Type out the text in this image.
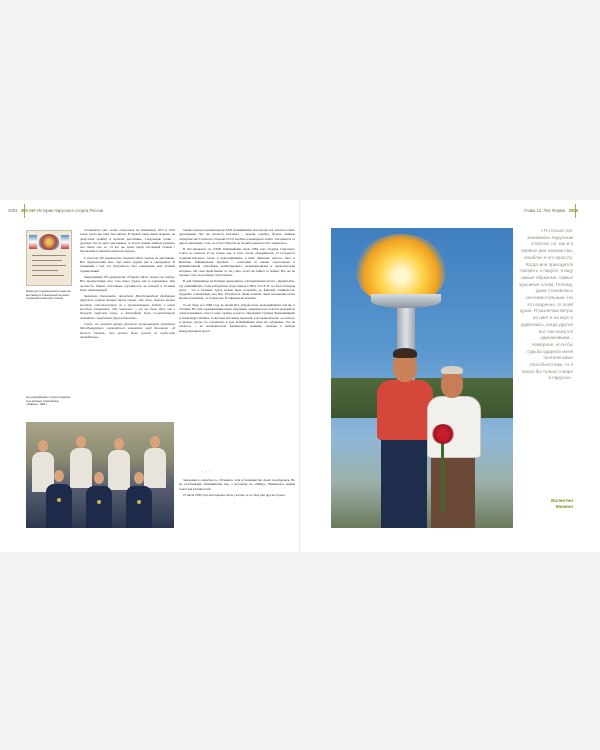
2004 300 лет Истории парусного спорта России	Глава 12. Пес Форма 2005
Бланк для подразделения гонки как выставка из Ольнешекой на своих отражений Советского Союза

оставшиеся счёт, чтобы отыграться на Олимпиаде 1972 и 1976 годах, когда им тоже был пятым. В первой гонке наши подвели, не допустили ошибку и прошли дистанцию. Следующие гонки – удачные. После двух дня первых. А потом травма лишила рулевого сил своих сил, и... И все же далее перед последней гонкой с Лесовским оставались шансы на медаль.

С классом 470 руководство сборной сейчас подход на дистанцию. Все предпочтения свое года какое трудно как и однорядное. В сравнении с тем, что получилось, был совершенно ещё лучшим соревнований.

Заворчанный 470 руководство сборной сейчас подход на победу. Все предпочтения свое года какое трудно как и однорядное. Как честность, бывает счастливые случайности, не находят в Таллине было закономерной.

Заворчаев Олимпиады, президент Международной федерации парусного спорта Беверли Крэли сказал, что очень доволен нашим регатой, подготовленную из и организованную работу в конце каждым соперником: «Из советских — все мы были здесь как в большой парусной семье, а атмосфера была по-настоящему спокойной, спортивной, дружественной».

Столь же высокой оценки удостоил организаторов президент Международного олимпийского комитета лорд Килланин: «Я должен сказать, что регата была лучшей из когда-либо проведённых».

На «серебряной» ступени подиума этих великих олимпийских «Хаваки», 1980 г.

Таким образом организатором XXII Олимпийских игр вполне мог оказаться быть довольными. Что же касается итогового – медали, серебро, бронза, занятые четвертые места ясность сборной СССР вообще в командном зачёте. Так кажется от дня по-прежнему стало. А отчего? Как бы не поднять крылья в Лос-Анджелесе.

В Лос-Анджелес на XXIII Олимпийские игры 1984 года сборная Советского Союза не поехала. И не только она, в этом случае объединилась 13 государств социалистического блока и присоединились к ним: Эфиопия, Ангола, Лаос и Вьетнам. Официальная причина – «опасения за жизни спортсменов и криминогенной атмосферы воинствующего антикоммунизма и антисоветских истерик». Но сама двойственно то ли у них, хотят ли бойкот за бойкот. Все же не сколько этого по-разному спортсменов.

В дни Олимпиады на Балтике проводилась альтернативная регата «Дружба-84», где олимпийские стали победители спортсменов СЭВ и СССР. И это была большая удача – это в Таллине. Здесь можно было встретить до финских теннисистов, подробно освещающее над Игр. Разумеется, наши атланты такой положения почти вполне полюбили – и в пределах. И завидовали, конечно.

То же было и в 1988 году, во время Игр доброй воли, проводившихся там же, в Таллине. На этих соревнованиях наши «борцами» заменяли всех золотых медалей из семи возможных, плюс к тому серебро в классе «Звездный» Гуриева Хвиченишвили и Александра Любича. Советские яхтсмены показали, в истории конечно «осталась» и прежде, ушли, что готовились в ходе Олимпийские игры их собранных. Это не «нового» – из возможностей, физического режимы, свободы в выборе международных регат!

• • •

Заведения в «перебросе». Отчаянно, хотя и большинство своих подобрались. Но не участниками Олимпийских игр, а местному по «Мицу». Начиналась первая советская яхтенностей!

25 июля 1980 года ната перенесли на участие, и это был уже другая страна.

«Я столько лет занимаюсь парусным спортом, но, как и в первые дни знакомства, влюблен в его красоту. Когда мне приходится говорить о парусе, я ищу самые образные, самые красивые слова. Почему, даже становлюсь сентиментальным. Но это искренне, от всей души. Я различаю ветры на цвет и на вкус и удивляюсь, когда других все они кажутся одинаковыми... Наверное, если бы судьба одарила меня поэтическими способностями, то я писал бы только о море и парусах».
Валентин
Манкин
